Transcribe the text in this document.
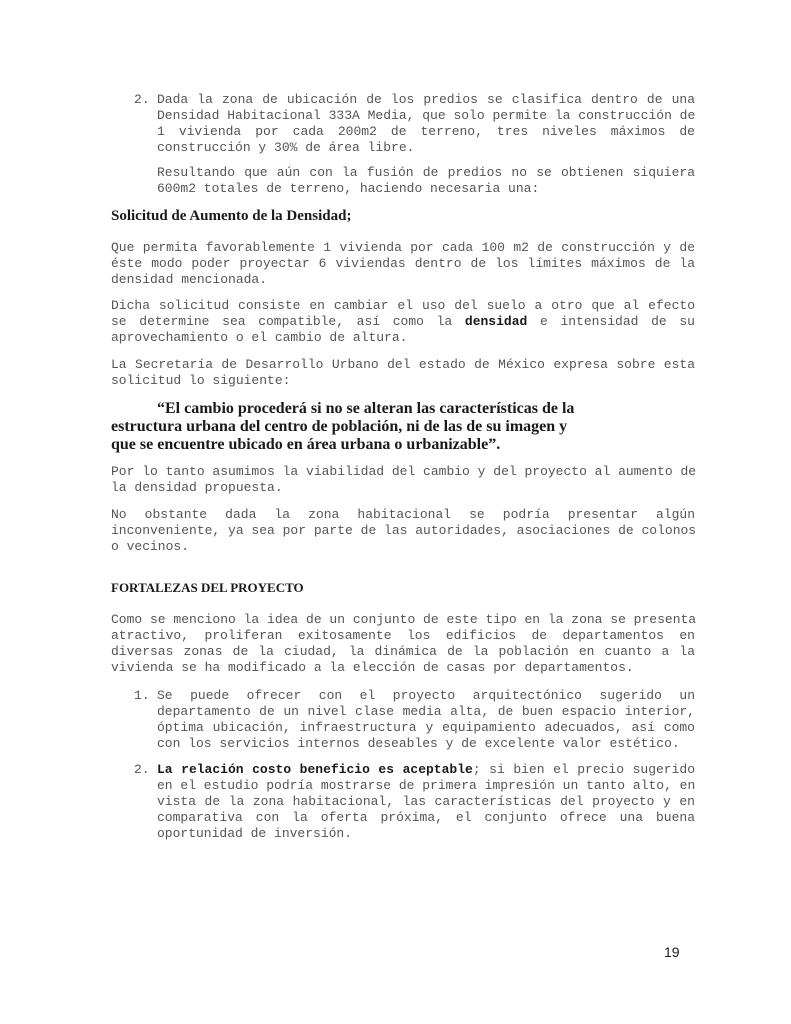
2. Dada la zona de ubicación de los predios se clasifica dentro de una
Densidad Habitacional 333A Media, que solo permite la construcción de
1 vivienda por cada 200m2 de terreno, tres niveles máximos de
construcción y 30% de área libre.
Resultando que aún con la fusión de predios no se obtienen siquiera
600m2 totales de terreno, haciendo necesaria una:
Solicitud de Aumento de la Densidad;
Que permita favorablemente 1 vivienda por cada 100 m2 de construcción y de
éste modo poder proyectar 6 viviendas dentro de los límites máximos de la
densidad mencionada.
Dicha solicitud consiste en cambiar el uso del suelo a otro que al efecto
se determine sea compatible, así como la densidad e intensidad de su
aprovechamiento o el cambio de altura.
La Secretaría de Desarrollo Urbano del estado de México expresa sobre esta
solicitud lo siguiente:
“El cambio procederá si no se alteran las características de la
estructura urbana del centro de población, ni de las de su imagen y
que se encuentre ubicado en área urbana o urbanizable”.
Por lo tanto asumimos la viabilidad del cambio y del proyecto al aumento de
la densidad propuesta.
No obstante dada la zona habitacional se podría presentar algún
inconveniente, ya sea por parte de las autoridades, asociaciones de colonos
o vecinos.
FORTALEZAS DEL PROYECTO
Como se menciono la idea de un conjunto de este tipo en la zona se presenta
atractivo, proliferan exitosamente los edificios de departamentos en
diversas zonas de la ciudad, la dinámica de la población en cuanto a la
vivienda se ha modificado a la elección de casas por departamentos.
1. Se puede ofrecer con el proyecto arquitectónico sugerido un
departamento de un nivel clase media alta, de buen espacio interior,
óptima ubicación, infraestructura y equipamiento adecuados, así como
con los servicios internos deseables y de excelente valor estético.
2. La relación costo beneficio es aceptable; si bien el precio sugerido
en el estudio podría mostrarse de primera impresión un tanto alto, en
vista de la zona habitacional, las características del proyecto y en
comparativa con la oferta próxima, el conjunto ofrece una buena
oportunidad de inversión.
19
